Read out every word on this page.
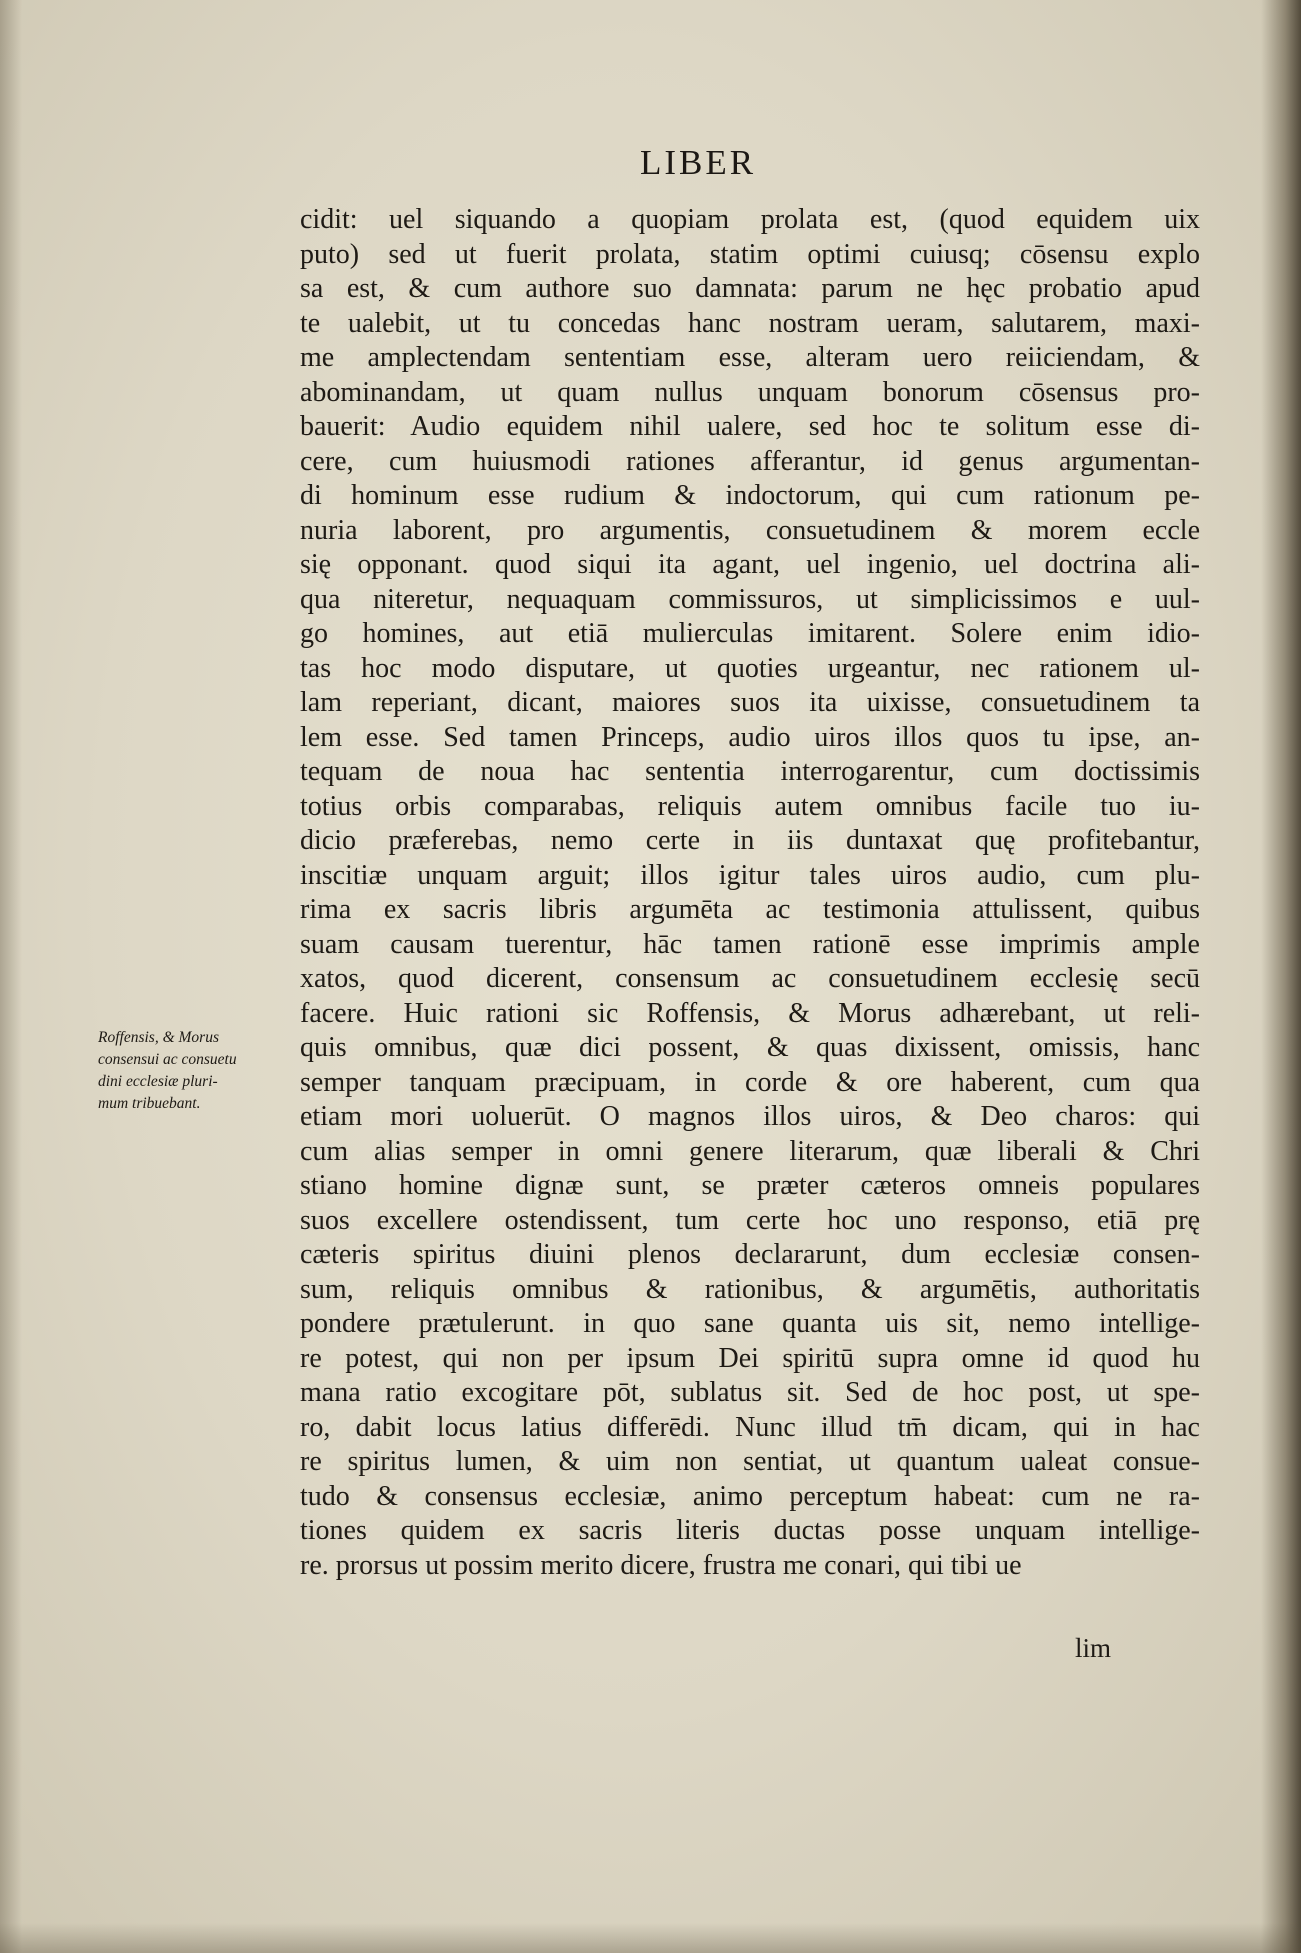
LIBER
Roffensis, & Morus
consensui ac consuetu
dini ecclesiæ pluri-
mum tribuebant.
cidit: uel siquando a quopiam prolata est, (quod equidem uix
puto) sed ut fuerit prolata, statim optimi cuiusq; cōsensu explo
sa est, & cum authore suo damnata: parum ne hęc probatio apud
te ualebit, ut tu concedas hanc nostram ueram, salutarem, maxi-
me amplectendam sententiam esse, alteram uero reiiciendam, &
abominandam, ut quam nullus unquam bonorum cōsensus pro-
bauerit: Audio equidem nihil ualere, sed hoc te solitum esse di-
cere, cum huiusmodi rationes afferantur, id genus argumentan-
di hominum esse rudium & indoctorum, qui cum rationum pe-
nuria laborent, pro argumentis, consuetudinem & morem eccle
się opponant. quod siqui ita agant, uel ingenio, uel doctrina ali-
qua niteretur, nequaquam commissuros, ut simplicissimos e uul-
go homines, aut etiā mulierculas imitarent. Solere enim idio-
tas hoc modo disputare, ut quoties urgeantur, nec rationem ul-
lam reperiant, dicant, maiores suos ita uixisse, consuetudinem ta
lem esse. Sed tamen Princeps, audio uiros illos quos tu ipse, an-
tequam de noua hac sententia interrogarentur, cum doctissimis
totius orbis comparabas, reliquis autem omnibus facile tuo iu-
dicio præferebas, nemo certe in iis duntaxat quę profitebantur,
inscitiæ unquam arguit; illos igitur tales uiros audio, cum plu-
rima ex sacris libris argumēta ac testimonia attulissent, quibus
suam causam tuerentur, hāc tamen rationē esse imprimis ample
xatos, quod dicerent, consensum ac consuetudinem ecclesię secū
facere. Huic rationi sic Roffensis, & Morus adhærebant, ut reli-
quis omnibus, quæ dici possent, & quas dixissent, omissis, hanc
semper tanquam præcipuam, in corde & ore haberent, cum qua
etiam mori uoluerūt. O magnos illos uiros, & Deo charos: qui
cum alias semper in omni genere literarum, quæ liberali & Chri
stiano homine dignæ sunt, se præter cæteros omneis populares
suos excellere ostendissent, tum certe hoc uno responso, etiā prę
cæteris spiritus diuini plenos declararunt, dum ecclesiæ consen-
sum, reliquis omnibus & rationibus, & argumētis, authoritatis
pondere prætulerunt. in quo sane quanta uis sit, nemo intellige-
re potest, qui non per ipsum Dei spiritū supra omne id quod hu
mana ratio excogitare pōt, sublatus sit. Sed de hoc post, ut spe-
ro, dabit locus latius differēdi. Nunc illud tm̄ dicam, qui in hac
re spiritus lumen, & uim non sentiat, ut quantum ualeat consue-
tudo & consensus ecclesiæ, animo perceptum habeat: cum ne ra-
tiones quidem ex sacris literis ductas posse unquam intellige-
re. prorsus ut possim merito dicere, frustra me conari, qui tibi ue
lim
